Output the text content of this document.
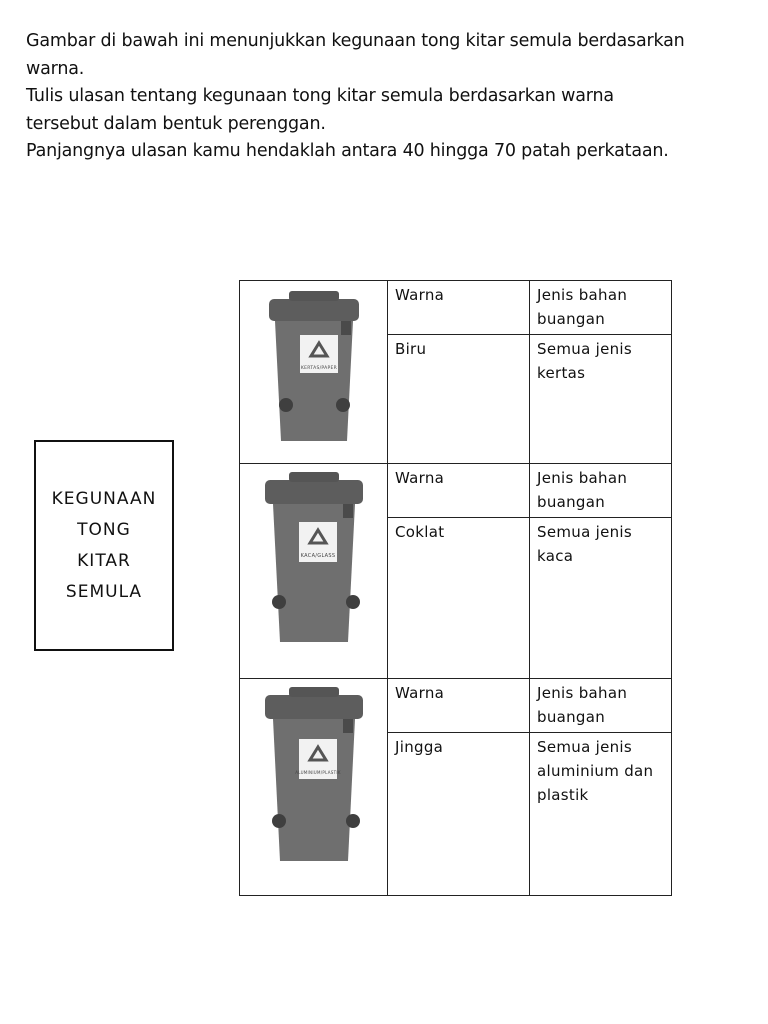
Gambar di bawah ini menunjukkan kegunaan tong kitar semula berdasarkan

warna.

Tulis ulasan tentang kegunaan tong kitar semula berdasarkan warna

tersebut dalam bentuk perenggan.

Panjangnya ulasan kamu hendaklah antara 40 hingga 70 patah perkataan.

KEGUNAAN
TONG
KITAR
SEMULA
KERTAS/PAPER	Warna	Jenis bahan buangan
	Biru	Semua jenis kertas

KACA/GLASS	Warna	Jenis bahan buangan
	Coklat	Semua jenis kaca

ALUMINIUM/PLASTIK	Warna	Jenis bahan buangan
	Jingga	Semua jenis aluminium dan plastik
